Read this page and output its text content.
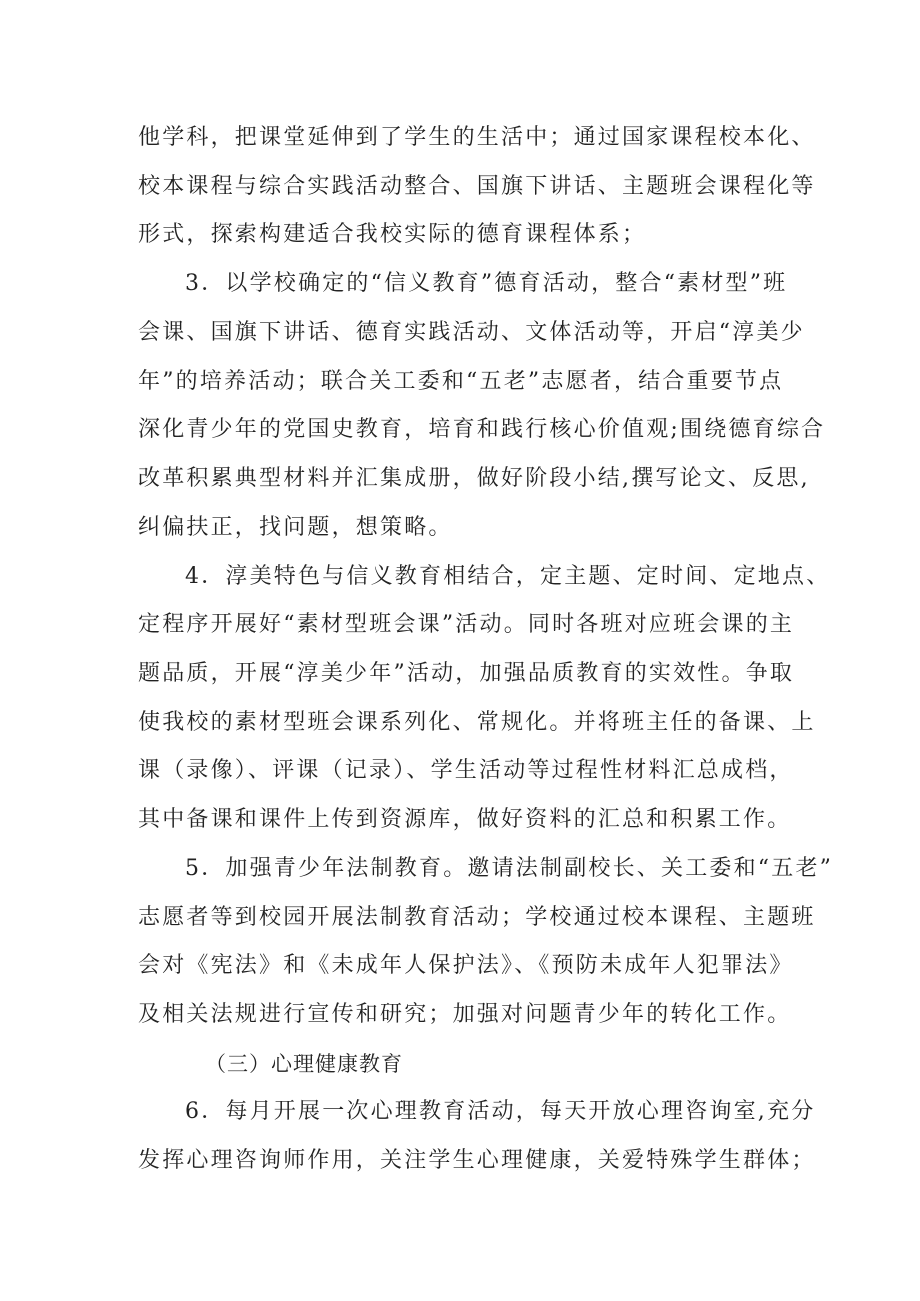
他学科，把课堂延伸到了学生的生活中；通过国家课程校本化、
校本课程与综合实践活动整合、国旗下讲话、主题班会课程化等
形式，探索构建适合我校实际的德育课程体系；
3．以学校确定的“信义教育”德育活动，整合“素材型”班
会课、国旗下讲话、德育实践活动、文体活动等，开启“淳美少
年”的培养活动；联合关工委和“五老”志愿者，结合重要节点
深化青少年的党国史教育，培育和践行核心价值观;围绕德育综合
改革积累典型材料并汇集成册，做好阶段小结,撰写论文、反思,
纠偏扶正，找问题，想策略。
4．淳美特色与信义教育相结合，定主题、定时间、定地点、
定程序开展好“素材型班会课”活动。同时各班对应班会课的主
题品质，开展“淳美少年”活动，加强品质教育的实效性。争取
使我校的素材型班会课系列化、常规化。并将班主任的备课、上
课（录像）、评课（记录）、学生活动等过程性材料汇总成档，
其中备课和课件上传到资源库，做好资料的汇总和积累工作。
5．加强青少年法制教育。邀请法制副校长、关工委和“五老”
志愿者等到校园开展法制教育活动；学校通过校本课程、主题班
会对《宪法》和《未成年人保护法》、《预防未成年人犯罪法》
及相关法规进行宣传和研究；加强对问题青少年的转化工作。
（三）心理健康教育
6．每月开展一次心理教育活动，每天开放心理咨询室,充分
发挥心理咨询师作用，关注学生心理健康，关爱特殊学生群体；
